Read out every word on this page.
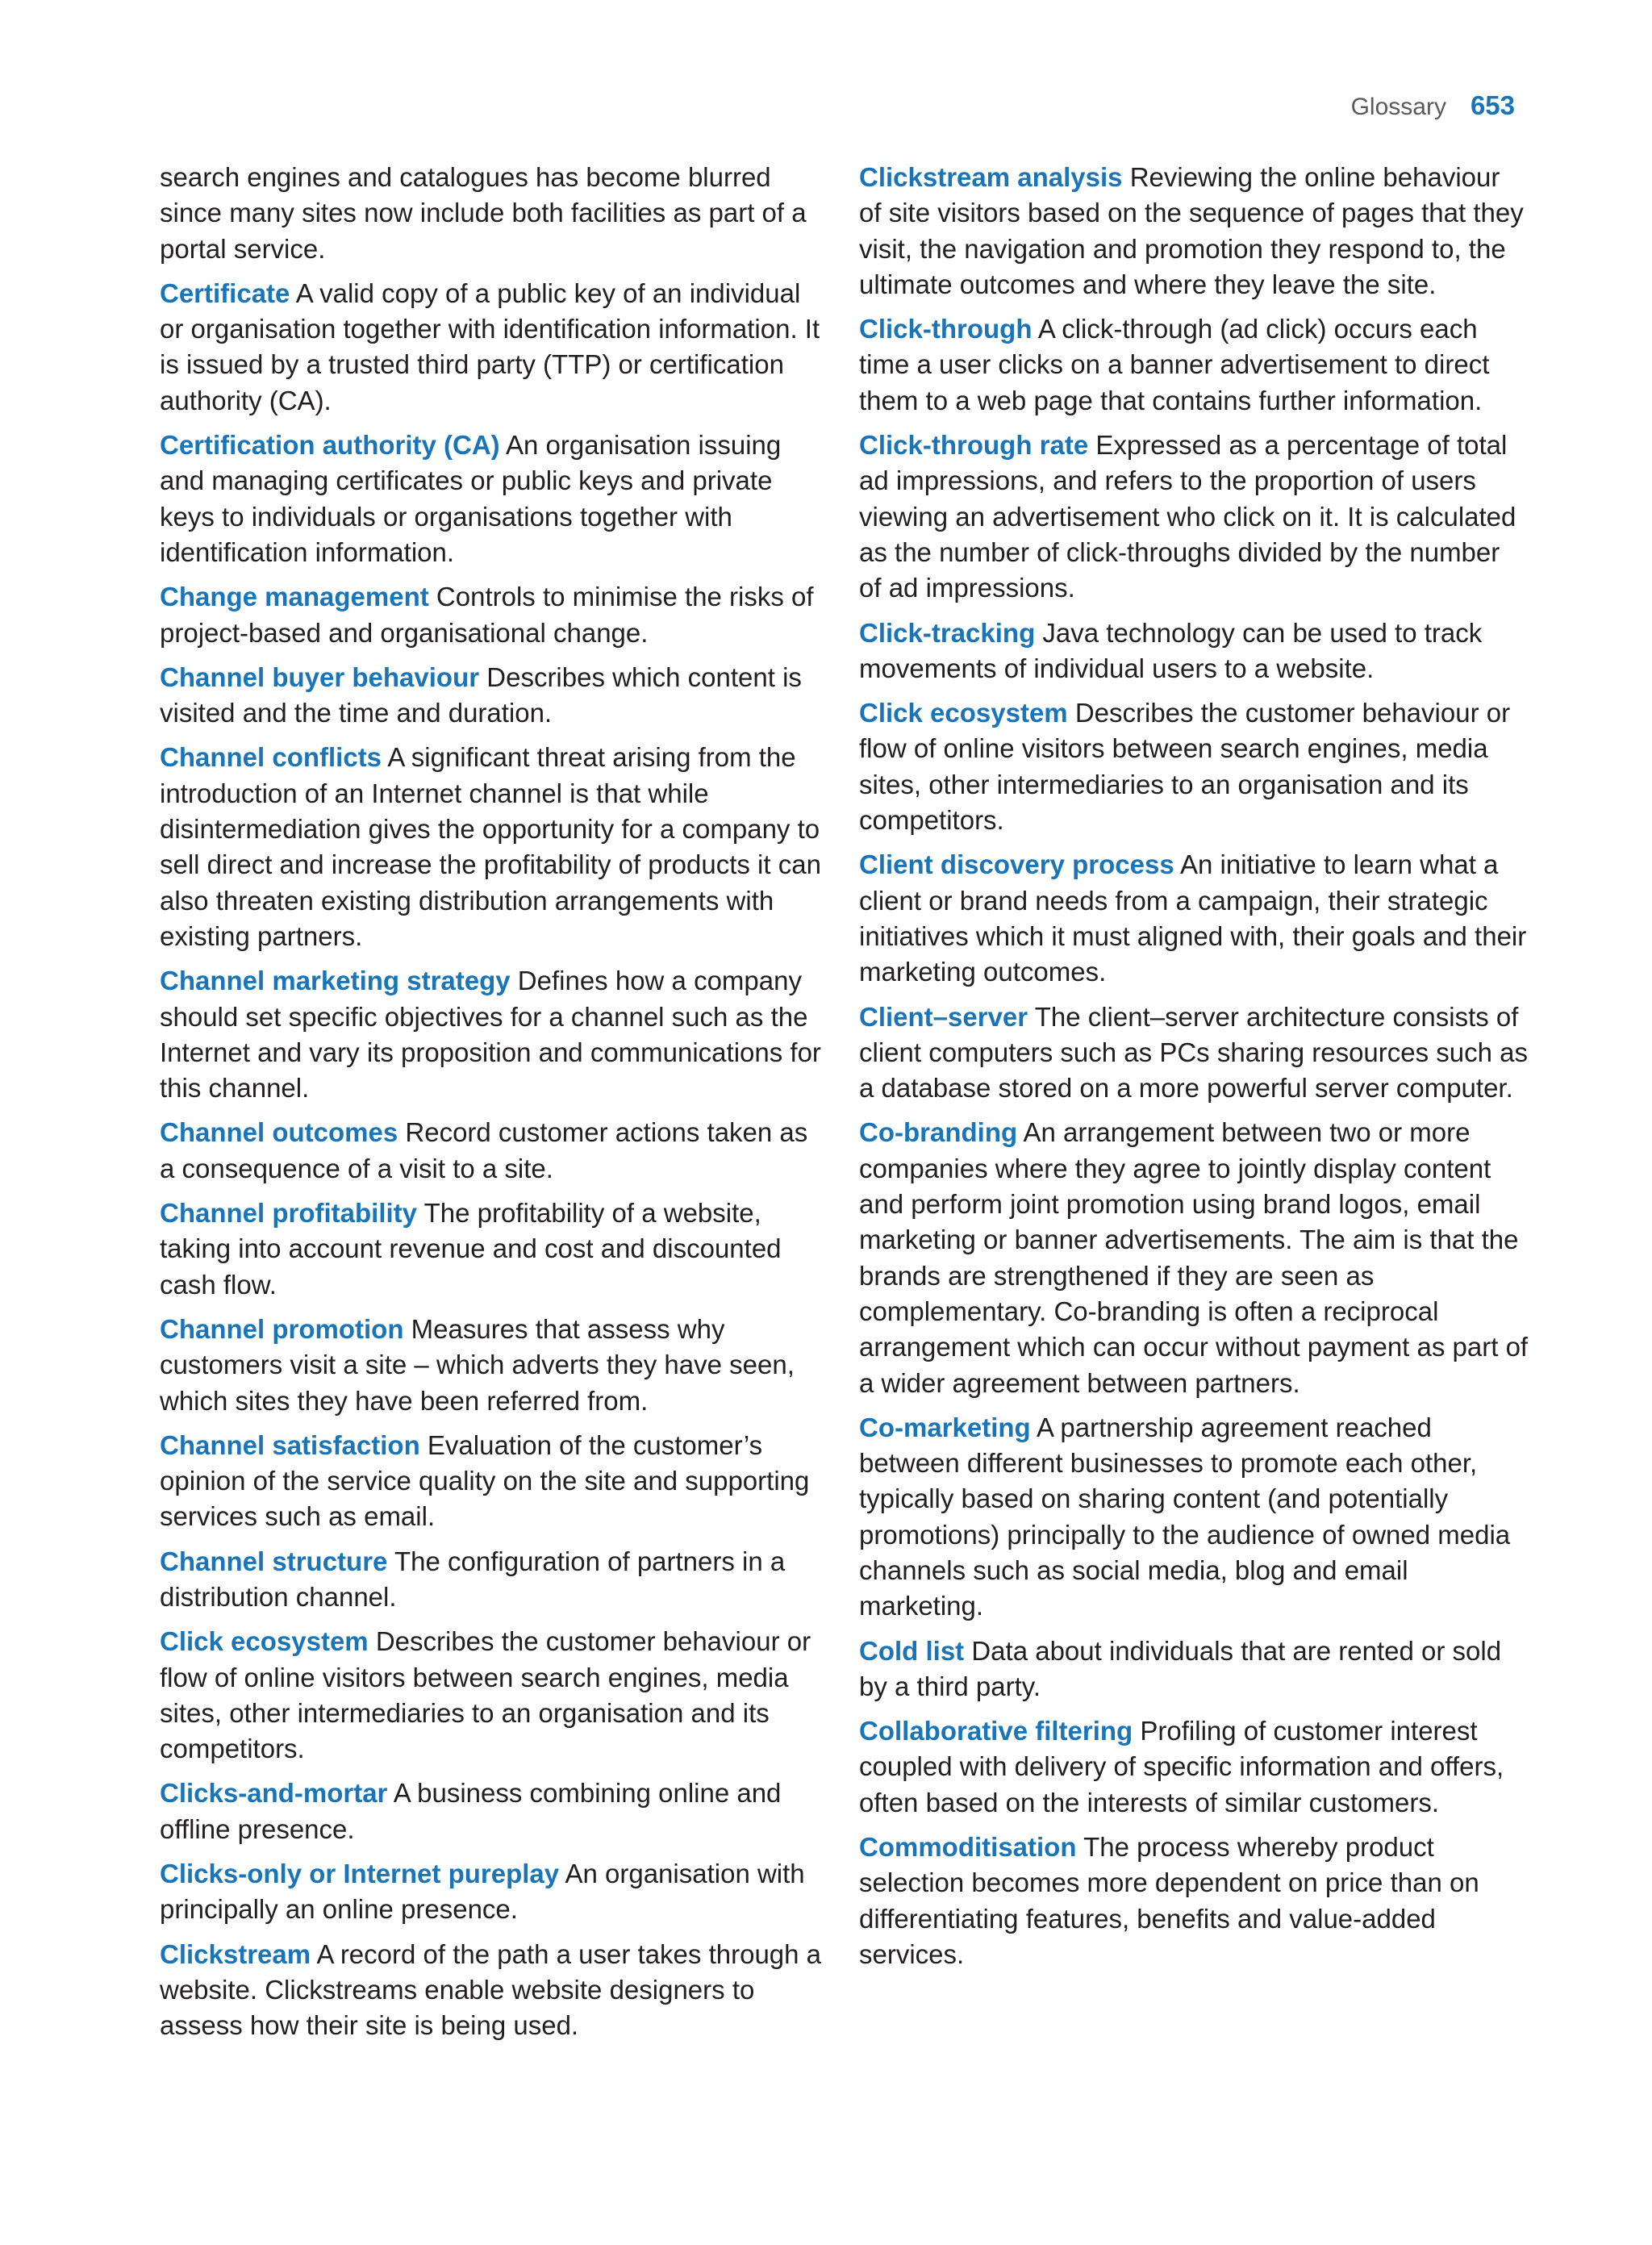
Glossary 653

search engines and catalogues has become blurred since many sites now include both facilities as part of a portal service.

Certificate A valid copy of a public key of an individual or organisation together with identification information. It is issued by a trusted third party (TTP) or certification authority (CA).

Certification authority (CA) An organisation issuing and managing certificates or public keys and private keys to individuals or organisations together with identification information.

Change management Controls to minimise the risks of project-based and organisational change.

Channel buyer behaviour Describes which content is visited and the time and duration.

Channel conflicts A significant threat arising from the introduction of an Internet channel is that while disintermediation gives the opportunity for a company to sell direct and increase the profitability of products it can also threaten existing distribution arrangements with existing partners.

Channel marketing strategy Defines how a company should set specific objectives for a channel such as the Internet and vary its proposition and communications for this channel.

Channel outcomes Record customer actions taken as a consequence of a visit to a site.

Channel profitability The profitability of a website, taking into account revenue and cost and discounted cash flow.

Channel promotion Measures that assess why customers visit a site – which adverts they have seen, which sites they have been referred from.

Channel satisfaction Evaluation of the customer’s opinion of the service quality on the site and supporting services such as email.

Channel structure The configuration of partners in a distribution channel.

Click ecosystem Describes the customer behaviour or flow of online visitors between search engines, media sites, other intermediaries to an organisation and its competitors.

Clicks-and-mortar A business combining online and offline presence.

Clicks-only or Internet pureplay An organisation with principally an online presence.

Clickstream A record of the path a user takes through a website. Clickstreams enable website designers to assess how their site is being used.

Clickstream analysis Reviewing the online behaviour of site visitors based on the sequence of pages that they visit, the navigation and promotion they respond to, the ultimate outcomes and where they leave the site.

Click-through A click-through (ad click) occurs each time a user clicks on a banner advertisement to direct them to a web page that contains further information.

Click-through rate Expressed as a percentage of total ad impressions, and refers to the proportion of users viewing an advertisement who click on it. It is calculated as the number of click-throughs divided by the number of ad impressions.

Click-tracking Java technology can be used to track movements of individual users to a website.

Click ecosystem Describes the customer behaviour or flow of online visitors between search engines, media sites, other intermediaries to an organisation and its competitors.

Client discovery process An initiative to learn what a client or brand needs from a campaign, their strategic initiatives which it must aligned with, their goals and their marketing outcomes.

Client–server The client–server architecture consists of client computers such as PCs sharing resources such as a database stored on a more powerful server computer.

Co-branding An arrangement between two or more companies where they agree to jointly display content and perform joint promotion using brand logos, email marketing or banner advertisements. The aim is that the brands are strengthened if they are seen as complementary. Co-branding is often a reciprocal arrangement which can occur without payment as part of a wider agreement between partners.

Co-marketing A partnership agreement reached between different businesses to promote each other, typically based on sharing content (and potentially promotions) principally to the audience of owned media channels such as social media, blog and email marketing.

Cold list Data about individuals that are rented or sold by a third party.

Collaborative filtering Profiling of customer interest coupled with delivery of specific information and offers, often based on the interests of similar customers.

Commoditisation The process whereby product selection becomes more dependent on price than on differentiating features, benefits and value-added services.
